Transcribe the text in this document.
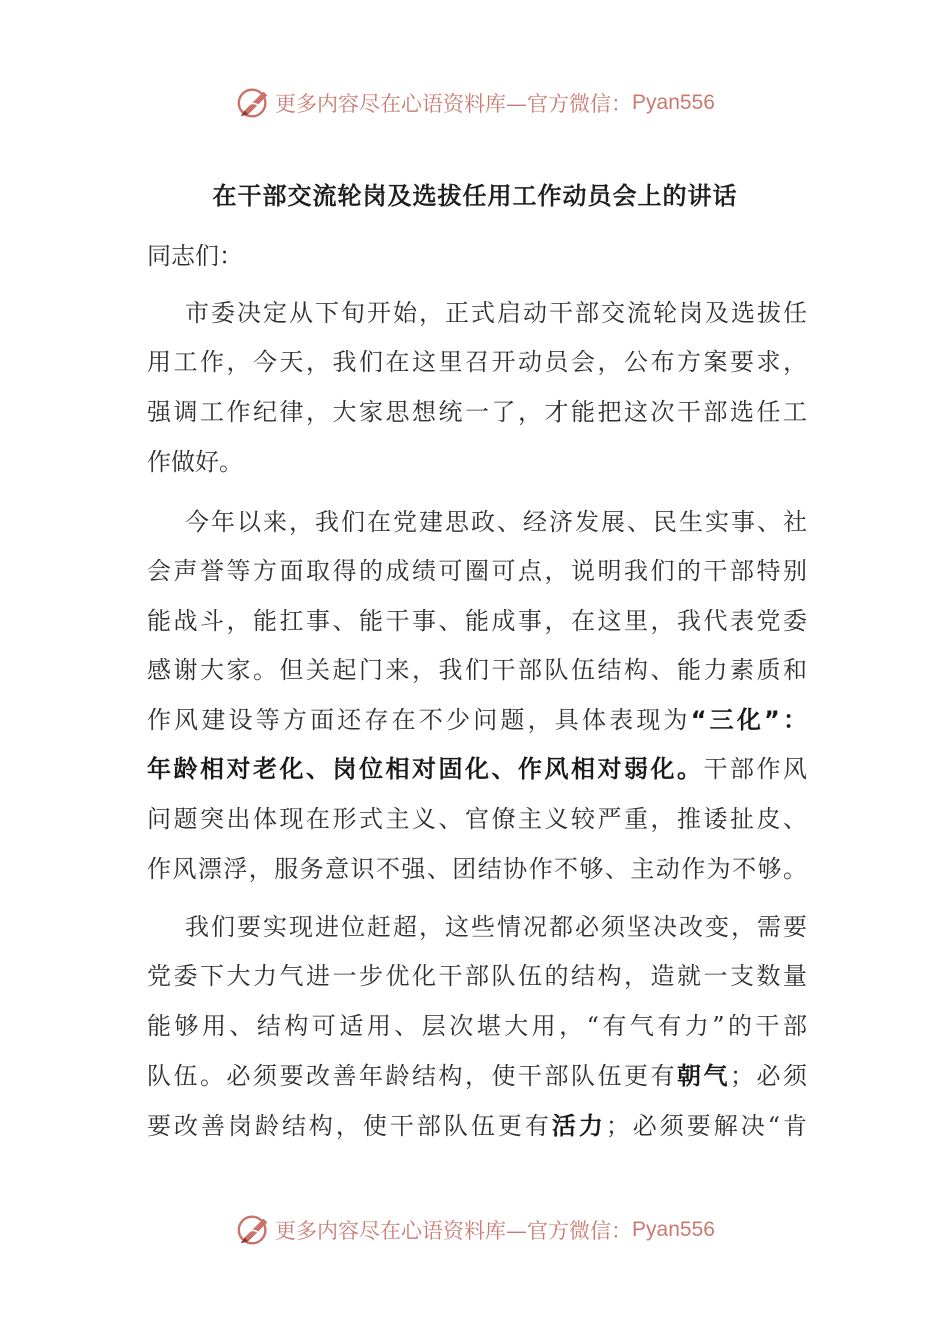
更多内容尽在心语资料库—官方微信： Pyan556
在干部交流轮岗及选拔任用工作动员会上的讲话
同志们：
市委决定从下旬开始，正式启动干部交流轮岗及选拔任
用工作，今天，我们在这里召开动员会，公布方案要求，
强调工作纪律，大家思想统一了，才能把这次干部选任工
作做好。
今年以来，我们在党建思政、经济发展、民生实事、社
会声誉等方面取得的成绩可圈可点，说明我们的干部特别
能战斗，能扛事、能干事、能成事，在这里，我代表党委
感谢大家。但关起门来，我们干部队伍结构、能力素质和
作风建设等方面还存在不少问题，具体表现为“三化”：
年龄相对老化、岗位相对固化、作风相对弱化。干部作风
问题突出体现在形式主义、官僚主义较严重，推诿扯皮、
作风漂浮，服务意识不强、团结协作不够、主动作为不够。
我们要实现进位赶超，这些情况都必须坚决改变，需要
党委下大力气进一步优化干部队伍的结构，造就一支数量
能够用、结构可适用、层次堪大用，“有气有力”的干部
队伍。必须要改善年龄结构，使干部队伍更有朝气；必须
要改善岗龄结构，使干部队伍更有活力；必须要解决“肯
更多内容尽在心语资料库—官方微信： Pyan556
